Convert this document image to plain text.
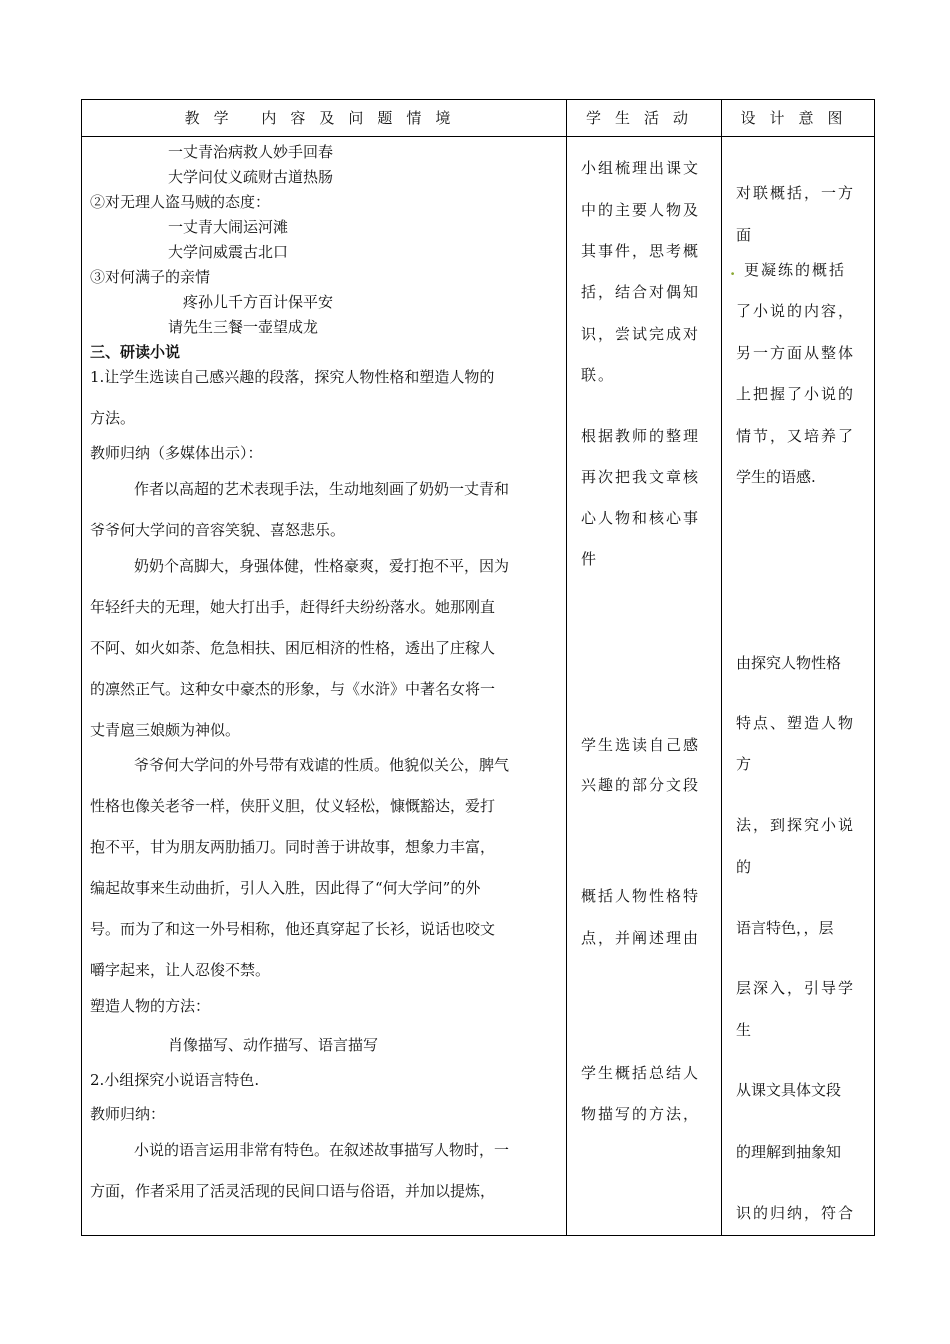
教学 内容及问题情境	学生活动	设计意图
一丈青治病救人妙手回春
大学问仗义疏财古道热肠
②对无理人盗马贼的态度：
一丈青大闹运河滩
大学问威震古北口
③对何满子的亲情
疼孙儿千方百计保平安
请先生三餐一壶望成龙
三、研读小说
1.让学生选读自己感兴趣的段落，探究人物性格和塑造人物的
方法。
教师归纳（多媒体出示）：
作者以高超的艺术表现手法，生动地刻画了奶奶一丈青和
爷爷何大学问的音容笑貌、喜怒悲乐。
奶奶个高脚大，身强体健，性格豪爽，爱打抱不平，因为
年轻纤夫的无理，她大打出手，赶得纤夫纷纷落水。她那刚直
不阿、如火如荼、危急相扶、困厄相济的性格，透出了庄稼人
的凛然正气。这种女中豪杰的形象，与《水浒》中著名女将一
丈青扈三娘颇为神似。
爷爷何大学问的外号带有戏谑的性质。他貌似关公，脾气
性格也像关老爷一样，侠肝义胆，仗义轻松，慷慨豁达，爱打
抱不平，甘为朋友两肋插刀。同时善于讲故事，想象力丰富，
编起故事来生动曲折，引人入胜，因此得了“何大学问”的外
号。而为了和这一外号相称，他还真穿起了长衫，说话也咬文
嚼字起来，让人忍俊不禁。
塑造人物的方法：
肖像描写、动作描写、语言描写
2.小组探究小说语言特色.
教师归纳：
小说的语言运用非常有特色。在叙述故事描写人物时，一
方面，作者采用了活灵活现的民间口语与俗语，并加以提炼，
小组梳理出课文
中的主要人物及
其事件，思考概
括，结合对偶知
识，尝试完成对
联。
根据教师的整理
再次把我文章核
心人物和核心事
件
学生选读自己感
兴趣的部分文段
概括人物性格特
点，并阐述理由
学生概括总结人
物描写的方法，
对联概括，一方
面
. 更凝练的概括
了小说的内容，
另一方面从整体
上把握了小说的
情节，又培养了
学生的语感.
由探究人物性格
特点、塑造人物
方
法，到探究小说
的
语言特色，，层
层深入，引导学
生
从课文具体文段
的理解到抽象知
识的归纳，符合
